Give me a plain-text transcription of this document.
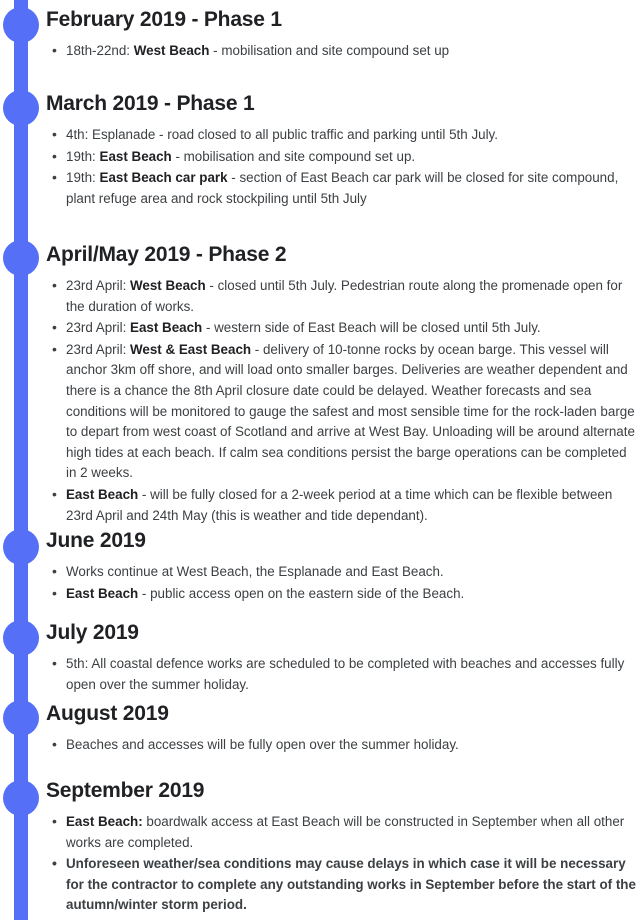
February 2019 - Phase 1
• 18th-22nd: West Beach - mobilisation and site compound set up
March 2019 - Phase 1
• 4th: Esplanade - road closed to all public traffic and parking until 5th July.
• 19th: East Beach - mobilisation and site compound set up.
• 19th: East Beach car park - section of East Beach car park will be closed for site compound, plant refuge area and rock stockpiling until 5th July
April/May 2019 - Phase 2
• 23rd April: West Beach - closed until 5th July. Pedestrian route along the promenade open for the duration of works.
• 23rd April: East Beach - western side of East Beach will be closed until 5th July.
• 23rd April: West & East Beach - delivery of 10-tonne rocks by ocean barge. This vessel will anchor 3km off shore, and will load onto smaller barges. Deliveries are weather dependent and there is a chance the 8th April closure date could be delayed. Weather forecasts and sea conditions will be monitored to gauge the safest and most sensible time for the rock-laden barge to depart from west coast of Scotland and arrive at West Bay. Unloading will be around alternate high tides at each beach. If calm sea conditions persist the barge operations can be completed in 2 weeks.
• East Beach - will be fully closed for a 2-week period at a time which can be flexible between 23rd April and 24th May (this is weather and tide dependant).
June 2019
• Works continue at West Beach, the Esplanade and East Beach.
• East Beach - public access open on the eastern side of the Beach.
July 2019
• 5th: All coastal defence works are scheduled to be completed with beaches and accesses fully open over the summer holiday.
August 2019
• Beaches and accesses will be fully open over the summer holiday.
September 2019
• East Beach: boardwalk access at East Beach will be constructed in September when all other works are completed.
• Unforeseen weather/sea conditions may cause delays in which case it will be necessary for the contractor to complete any outstanding works in September before the start of the autumn/winter storm period.
